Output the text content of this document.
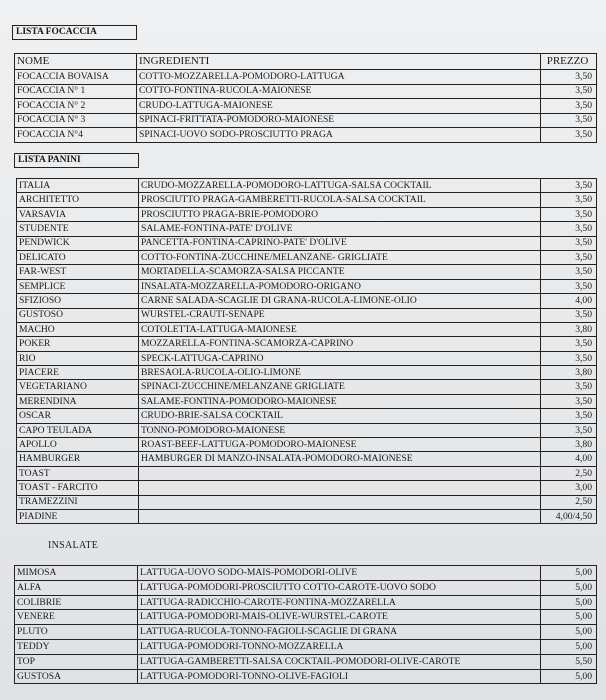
LISTA FOCACCIA
NOME	INGREDIENTI	PREZZO
FOCACCIA BOVAISA	COTTO-MOZZARELLA-POMODORO-LATTUGA	3,50
FOCACCIA N° 1	COTTO-FONTINA-RUCOLA-MAIONESE	3,50
FOCACCIA N° 2	CRUDO-LATTUGA-MAIONESE	3,50
FOCACCIA N° 3	SPINACI-FRITTATA-POMODORO-MAIONESE	3,50
FOCACCIA N°4	SPINACI-UOVO SODO-PROSCIUTTO PRAGA	3,50
LISTA PANINI
ITALIA	CRUDO-MOZZARELLA-POMODORO-LATTUGA-SALSA COCKTAIL	3,50
ARCHITETTO	PROSCIUTTO PRAGA-GAMBERETTI-RUCOLA-SALSA COCKTAIL	3,50
VARSAVIA	PROSCIUTTO PRAGA-BRIE-POMODORO	3,50
STUDENTE	SALAME-FONTINA-PATE' D'OLIVE	3,50
PENDWICK	PANCETTA-FONTINA-CAPRINO-PATE' D'OLIVE	3,50
DELICATO	COTTO-FONTINA-ZUCCHINE/MELANZANE- GRIGLIATE	3,50
FAR-WEST	MORTADELLA-SCAMORZA-SALSA PICCANTE	3,50
SEMPLICE	INSALATA-MOZZARELLA-POMODORO-ORIGANO	3,50
SFIZIOSO	CARNE SALADA-SCAGLIE DI GRANA-RUCOLA-LIMONE-OLIO	4,00
GUSTOSO	WURSTEL-CRAUTI-SENAPE	3,50
MACHO	COTOLETTA-LATTUGA-MAIONESE	3,80
POKER	MOZZARELLA-FONTINA-SCAMORZA-CAPRINO	3,50
RIO	SPECK-LATTUGA-CAPRINO	3,50
PIACERE	BRESAOLA-RUCOLA-OLIO-LIMONE	3,80
VEGETARIANO	SPINACI-ZUCCHINE/MELANZANE GRIGLIATE	3,50
MERENDINA	SALAME-FONTINA-POMODORO-MAIONESE	3,50
OSCAR	CRUDO-BRIE-SALSA COCKTAIL	3,50
CAPO TEULADA	TONNO-POMODORO-MAIONESE	3,50
APOLLO	ROAST-BEEF-LATTUGA-POMODORO-MAIONESE	3,80
HAMBURGER	HAMBURGER DI MANZO-INSALATA-POMODORO-MAIONESE	4,00
TOAST		2,50
TOAST - FARCITO		3,00
TRAMEZZINI		2,50
PIADINE		4,00/4,50
INSALATE
MIMOSA	LATTUGA-UOVO SODO-MAIS-POMODORI-OLIVE	5,00
ALFA	LATTUGA-POMODORI-PROSCIUTTO COTTO-CAROTE-UOVO SODO	5,00
COLIBRIE	LATTUGA-RADICCHIO-CAROTE-FONTINA-MOZZARELLA	5,00
VENERE	LATTUGA-POMODORI-MAIS-OLIVE-WURSTEL-CAROTE	5,00
PLUTO	LATTUGA-RUCOLA-TONNO-FAGIOLI-SCAGLIE DI GRANA	5,00
TEDDY	LATTUGA-POMODORI-TONNO-MOZZARELLA	5,00
TOP	LATTUGA-GAMBERETTI-SALSA COCKTAIL-POMODORI-OLIVE-CAROTE	5,50
GUSTOSA	LATTUGA-POMODORI-TONNO-OLIVE-FAGIOLI	5,00
